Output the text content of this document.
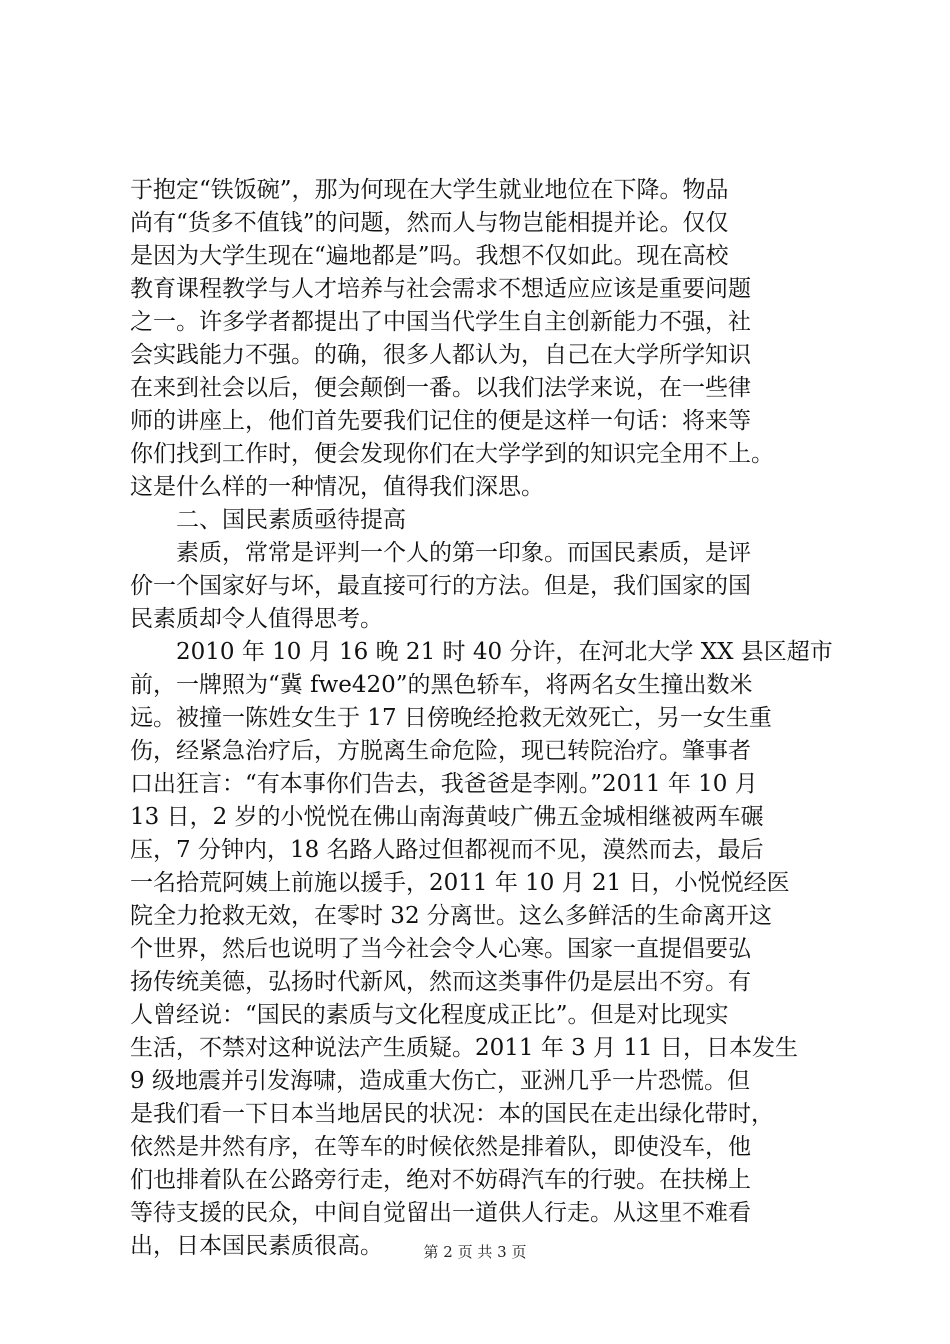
于抱定“铁饭碗”，那为何现在大学生就业地位在下降。物品
尚有“货多不值钱”的问题，然而人与物岂能相提并论。仅仅
是因为大学生现在“遍地都是”吗。我想不仅如此。现在高校
教育课程教学与人才培养与社会需求不想适应应该是重要问题
之一。许多学者都提出了中国当代学生自主创新能力不强，社
会实践能力不强。的确，很多人都认为，自己在大学所学知识
在来到社会以后，便会颠倒一番。以我们法学来说，在一些律
师的讲座上，他们首先要我们记住的便是这样一句话：将来等
你们找到工作时，便会发现你们在大学学到的知识完全用不上。
这是什么样的一种情况，值得我们深思。
　　二、国民素质亟待提高
　　素质，常常是评判一个人的第一印象。而国民素质，是评
价一个国家好与坏，最直接可行的方法。但是，我们国家的国
民素质却令人值得思考。
　　2010 年 10 月 16 晚 21 时 40 分许，在河北大学 XX 县区超市
前，一牌照为“冀 fwe420”的黑色轿车，将两名女生撞出数米
远。被撞一陈姓女生于 17 日傍晚经抢救无效死亡，另一女生重
伤，经紧急治疗后，方脱离生命危险，现已转院治疗。肇事者
口出狂言：“有本事你们告去，我爸爸是李刚。”2011 年 10 月
13 日，2 岁的小悦悦在佛山南海黄岐广佛五金城相继被两车碾
压，7 分钟内，18 名路人路过但都视而不见，漠然而去，最后
一名拾荒阿姨上前施以援手，2011 年 10 月 21 日，小悦悦经医
院全力抢救无效，在零时 32 分离世。这么多鲜活的生命离开这
个世界，然后也说明了当今社会令人心寒。国家一直提倡要弘
扬传统美德，弘扬时代新风，然而这类事件仍是层出不穷。有
人曾经说：“国民的素质与文化程度成正比”。但是对比现实
生活，不禁对这种说法产生质疑。2011 年 3 月 11 日，日本发生
9 级地震并引发海啸，造成重大伤亡，亚洲几乎一片恐慌。但
是我们看一下日本当地居民的状况：本的国民在走出绿化带时，
依然是井然有序，在等车的时候依然是排着队，即使没车，他
们也排着队在公路旁行走，绝对不妨碍汽车的行驶。在扶梯上
等待支援的民众，中间自觉留出一道供人行走。从这里不难看
出，日本国民素质很高。	第 2 页 共 3 页
